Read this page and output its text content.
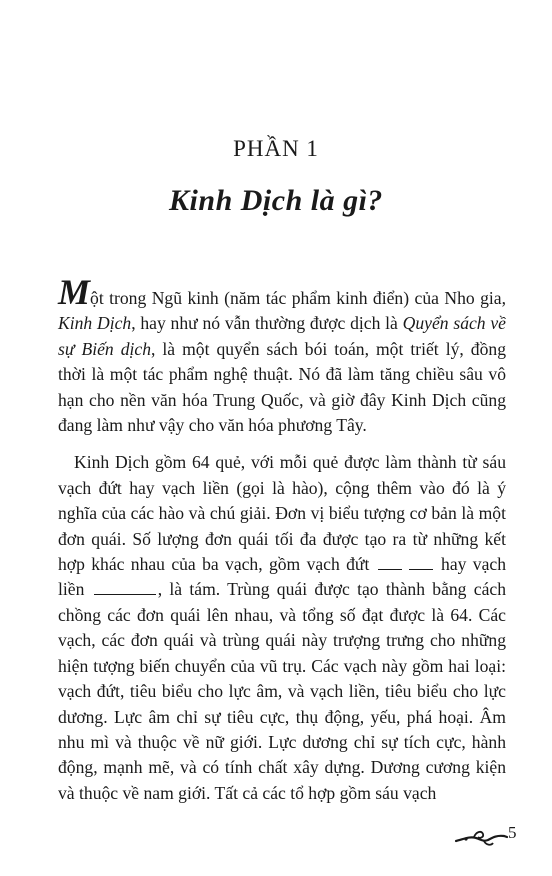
PHẦN 1
Kinh Dịch là gì?

Một trong Ngũ kinh (năm tác phẩm kinh điển) của Nho gia, Kinh Dịch, hay như nó vẫn thường được dịch là Quyển sách về sự Biến dịch, là một quyển sách bói toán, một triết lý, đồng thời là một tác phẩm nghệ thuật. Nó đã làm tăng chiều sâu vô hạn cho nền văn hóa Trung Quốc, và giờ đây Kinh Dịch cũng đang làm như vậy cho văn hóa phương Tây.

Kinh Dịch gồm 64 quẻ, với mỗi quẻ được làm thành từ sáu vạch đứt hay vạch liền (gọi là hào), cộng thêm vào đó là ý nghĩa của các hào và chú giải. Đơn vị biểu tượng cơ bản là một đơn quái. Số lượng đơn quái tối đa được tạo ra từ những kết hợp khác nhau của ba vạch, gồm vạch đứt	hay vạch liền	, là tám. Trùng quái được tạo thành bằng cách chồng các đơn quái lên nhau, và tổng số đạt được là 64. Các vạch, các đơn quái và trùng quái này trượng trưng cho những hiện tượng biến chuyển của vũ trụ. Các vạch này gồm hai loại: vạch đứt, tiêu biểu cho lực âm, và vạch liền, tiêu biểu cho lực dương. Lực âm chỉ sự tiêu cực, thụ động, yếu, phá hoại. Âm nhu mì và thuộc về nữ giới. Lực dương chỉ sự tích cực, hành động, mạnh mẽ, và có tính chất xây dựng. Dương cương kiện và thuộc về nam giới. Tất cả các tổ hợp gồm sáu vạch

5
